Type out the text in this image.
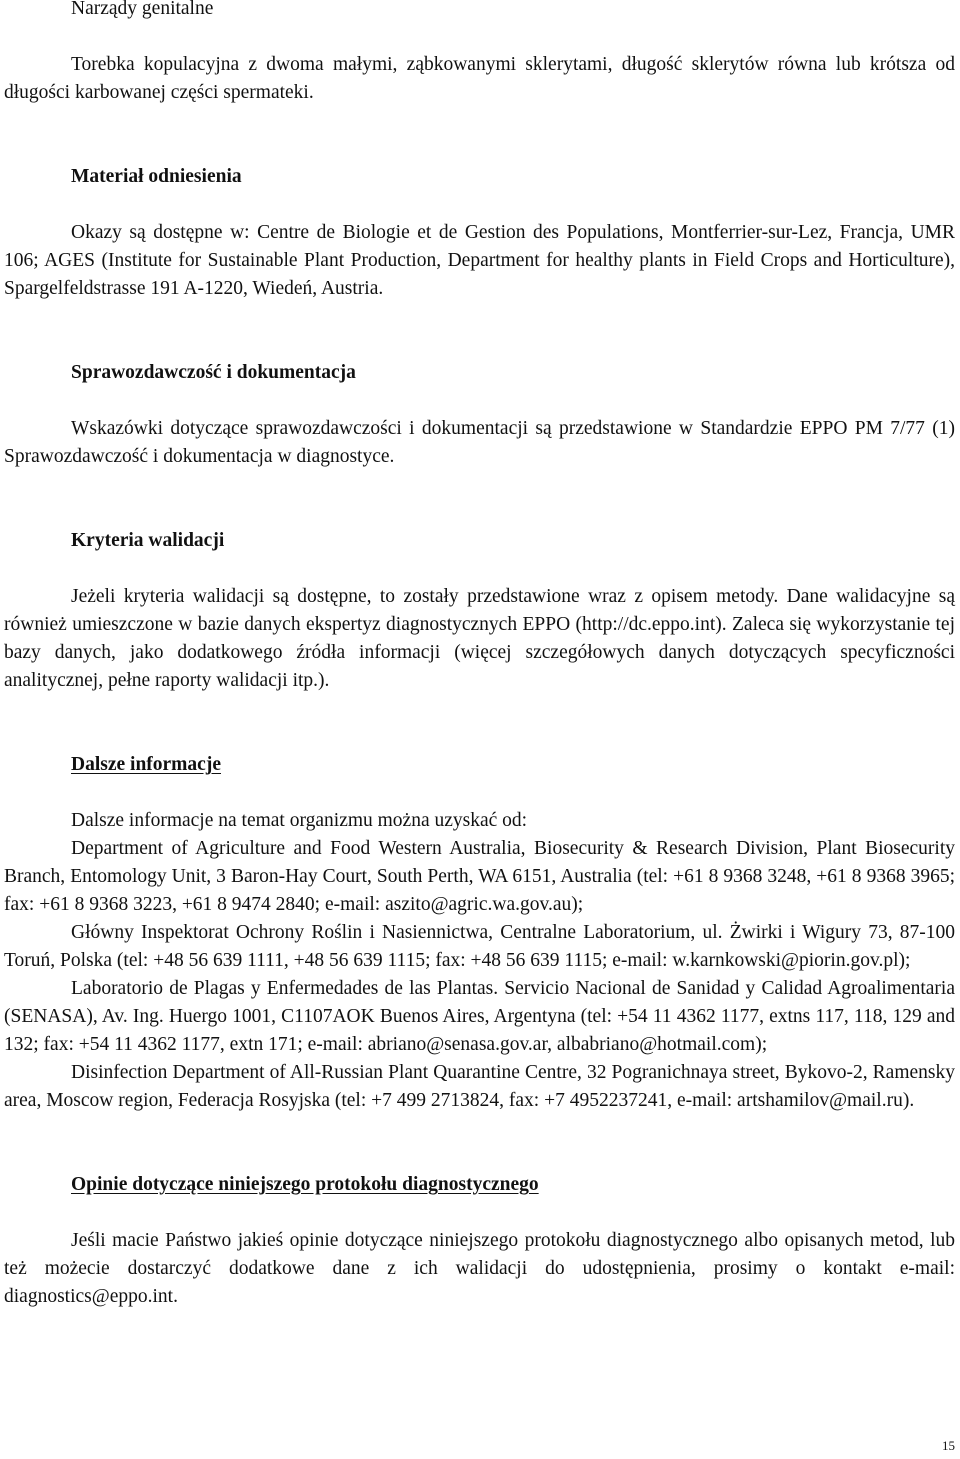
Narządy genitalne

Torebka kopulacyjna z dwoma małymi, ząbkowanymi sklerytami, długość sklerytów równa lub krótsza od długości karbowanej części spermateki.

Materiał odniesienia

Okazy są dostępne w: Centre de Biologie et de Gestion des Populations, Montferrier-sur-Lez, Francja, UMR 106; AGES (Institute for Sustainable Plant Production, Department for healthy plants in Field Crops and Horticulture), Spargelfeldstrasse 191 A-1220, Wiedeń, Austria.

Sprawozdawczość i dokumentacja

Wskazówki dotyczące sprawozdawczości i dokumentacji są przedstawione w Standardzie EPPO PM 7/77 (1) Sprawozdawczość i dokumentacja w diagnostyce.

Kryteria walidacji

Jeżeli kryteria walidacji są dostępne, to zostały przedstawione wraz z opisem metody. Dane walidacyjne są również umieszczone w bazie danych ekspertyz diagnostycznych EPPO (http://dc.eppo.int). Zaleca się wykorzystanie tej bazy danych, jako dodatkowego źródła informacji (więcej szczegółowych danych dotyczących specyficzności analitycznej, pełne raporty walidacji itp.).

Dalsze informacje

Dalsze informacje na temat organizmu można uzyskać od:

Department of Agriculture and Food Western Australia, Biosecurity & Research Division, Plant Biosecurity Branch, Entomology Unit, 3 Baron-Hay Court, South Perth, WA 6151, Australia (tel: +61 8 9368 3248, +61 8 9368 3965; fax: +61 8 9368 3223, +61 8 9474 2840; e-mail: aszito@agric.wa.gov.au);

Główny Inspektorat Ochrony Roślin i Nasiennictwa, Centralne Laboratorium, ul. Żwirki i Wigury 73, 87-100 Toruń, Polska (tel: +48 56 639 1111, +48 56 639 1115; fax: +48 56 639 1115; e-mail: w.karnkowski@piorin.gov.pl);

Laboratorio de Plagas y Enfermedades de las Plantas. Servicio Nacional de Sanidad y Calidad Agroalimentaria (SENASA), Av. Ing. Huergo 1001, C1107AOK Buenos Aires, Argentyna (tel: +54 11 4362 1177, extns 117, 118, 129 and 132; fax: +54 11 4362 1177, extn 171; e-mail: abriano@senasa.gov.ar, albabriano@hotmail.com);

Disinfection Department of All-Russian Plant Quarantine Centre, 32 Pogranichnaya street, Bykovo-2, Ramensky area, Moscow region, Federacja Rosyjska (tel: +7 499 2713824, fax: +7 4952237241, e-mail: artshamilov@mail.ru).

Opinie dotyczące niniejszego protokołu diagnostycznego

Jeśli macie Państwo jakieś opinie dotyczące niniejszego protokołu diagnostycznego albo opisanych metod, lub też możecie dostarczyć dodatkowe dane z ich walidacji do udostępnienia, prosimy o kontakt e-mail: diagnostics@eppo.int.

15
